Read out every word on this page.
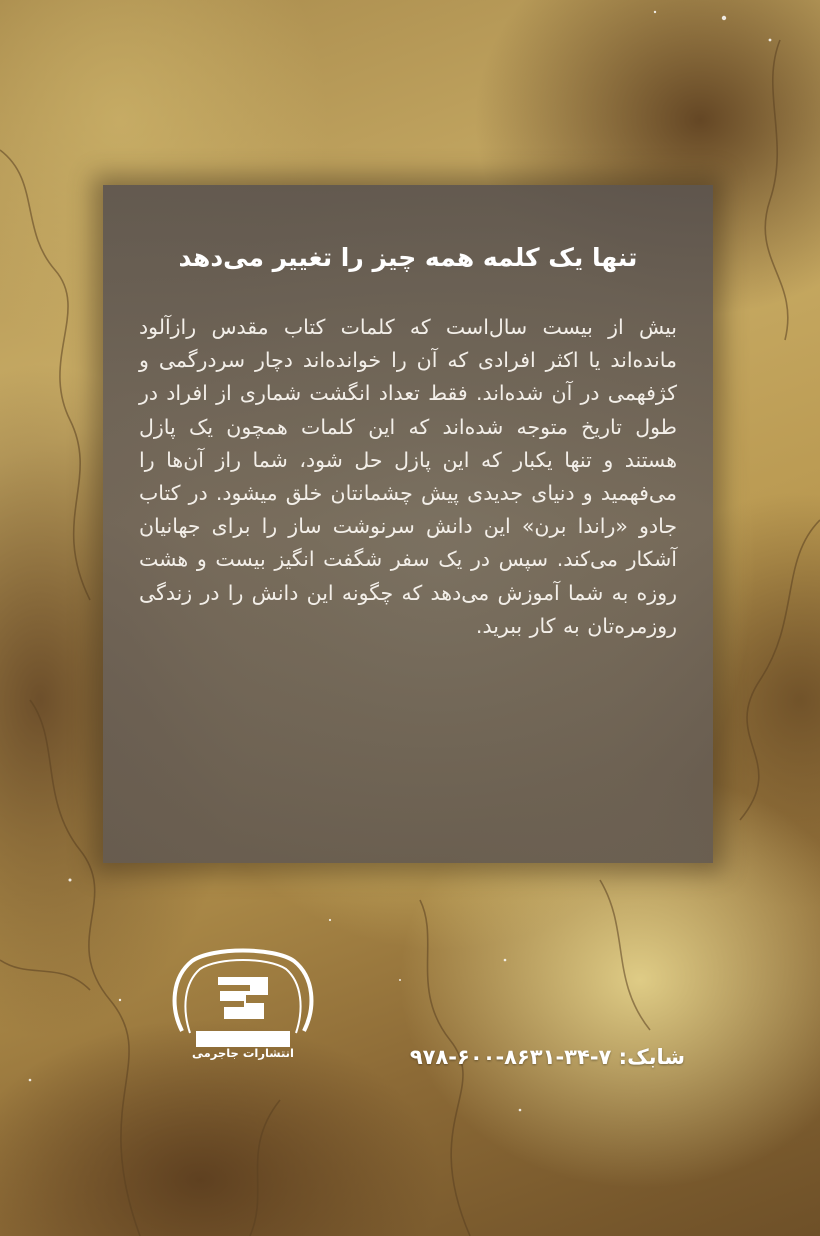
تنها یک کلمه همه چیز را تغییر می‌دهد

بیش از بیست سال‌است که کلمات کتاب مقدس رازآلود مانده‌اند یا اکثر افرادی که آن را خوانده‌اند دچار سردرگمی و کژفهمی در آن شده‌اند. فقط تعداد انگشت شماری از افراد در طول تاریخ متوجه شده‌اند که این کلمات همچون یک پازل هستند و تنها یکبار که این پازل حل شود، شما راز آن‌ها را می‌فهمید و دنیای جدیدی پیش چشمانتان خلق میشود. در کتاب جادو «راندا برن» این دانش سرنوشت ساز را برای جهانیان آشکار می‌کند. سپس در یک سفر شگفت انگیز بیست و هشت روزه به شما آموزش می‌دهد که چگونه این دانش را در زندگی روزمره‌تان به کار ببرید.

انتشارات جاجرمی	شابک: ۷-۳۴-۸۶۳۱-۶۰۰-۹۷۸
